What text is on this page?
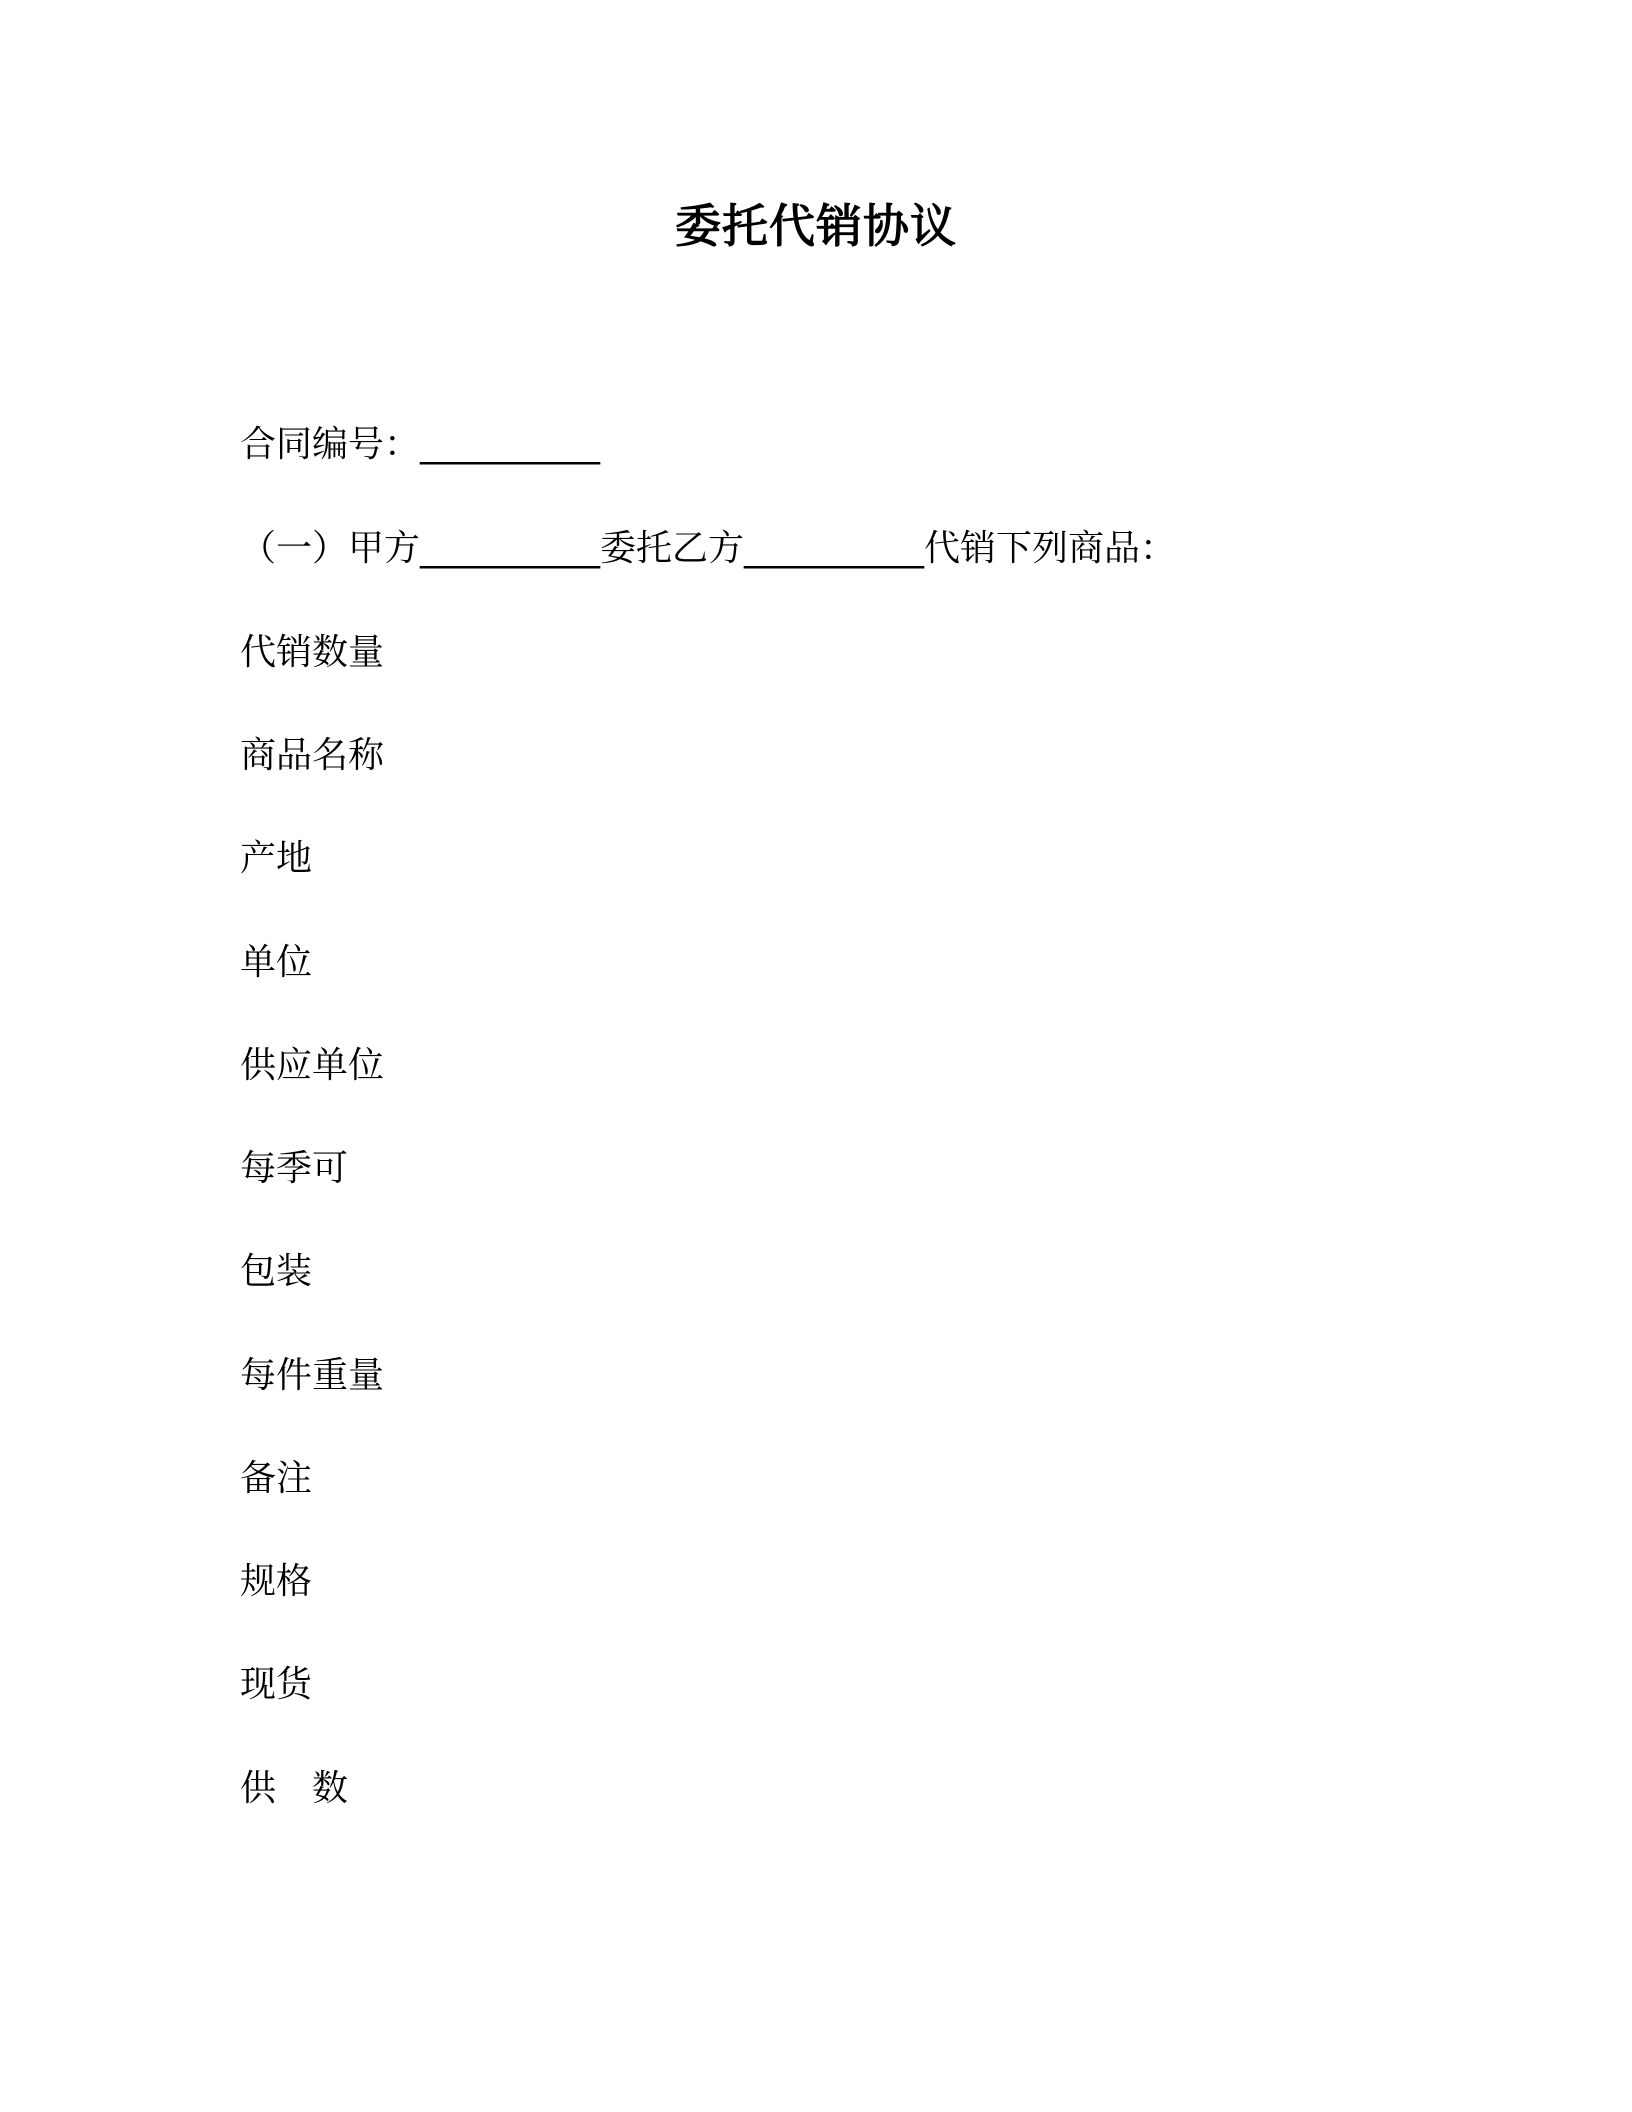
委托代销协议
合同编号：__________
（一）甲方__________委托乙方__________代销下列商品：
代销数量
商品名称
产地
单位
供应单位
每季可
包装
每件重量
备注
规格
现货
供　数
